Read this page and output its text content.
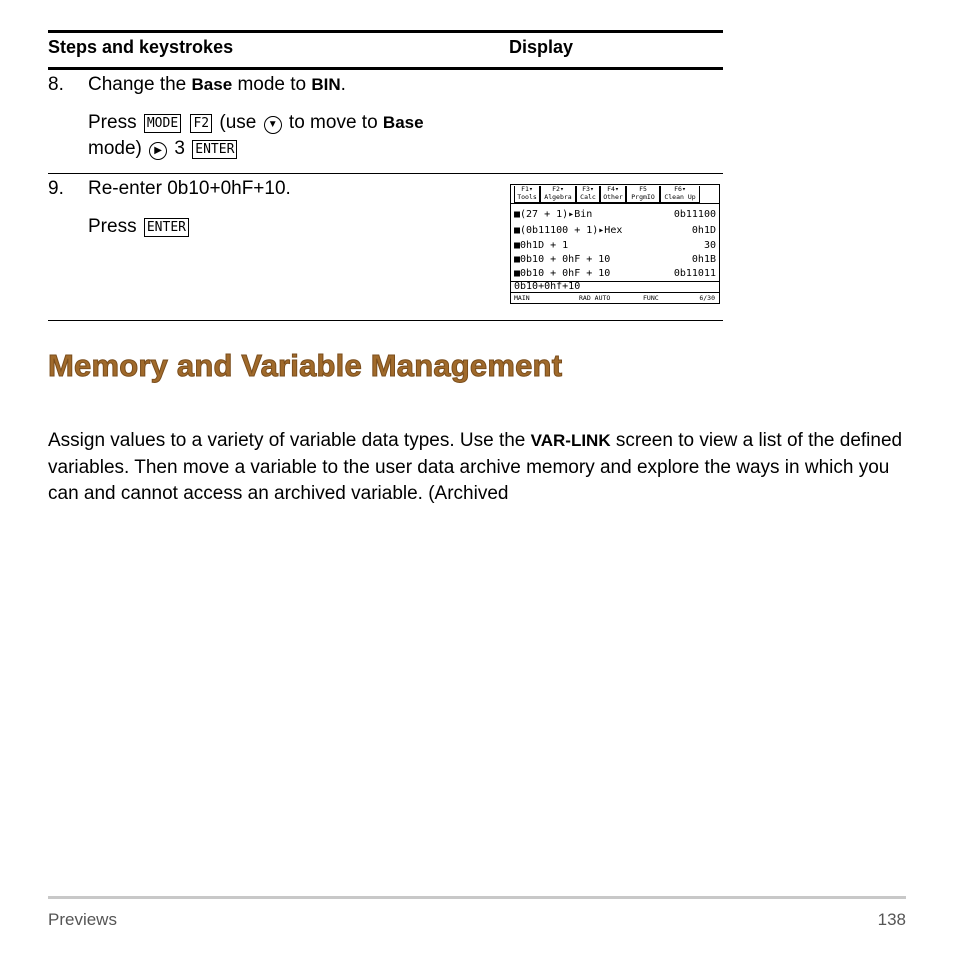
Steps and keystrokes	Display
8. Change the Base mode to BIN.
Press MODE F2 (use ▼ to move to Base
mode) ▶ 3 ENTER
9. Re-enter 0b10+0hF+10.
Press ENTER
F1▾
Tools
F2▾
Algebra
F3▾
Calc
F4▾
Other
F5
PrgmIO
F6▾
Clean Up
■(27 + 1)▸Bin	0b11100
■(0b11100 + 1)▸Hex	0h1D
■0h1D + 1	30
■0b10 + 0hF + 10	0h1B
■0b10 + 0hF + 10	0b11011
0b10+0hf+10
MAIN	RAD AUTO	FUNC	6/30
Memory and Variable Management
Assign values to a variety of variable data types. Use the VAR-LINK screen to view a list of the defined variables. Then move a variable to the user data archive memory and explore the ways in which you can and cannot access an archived variable. (Archived
Previews	138
